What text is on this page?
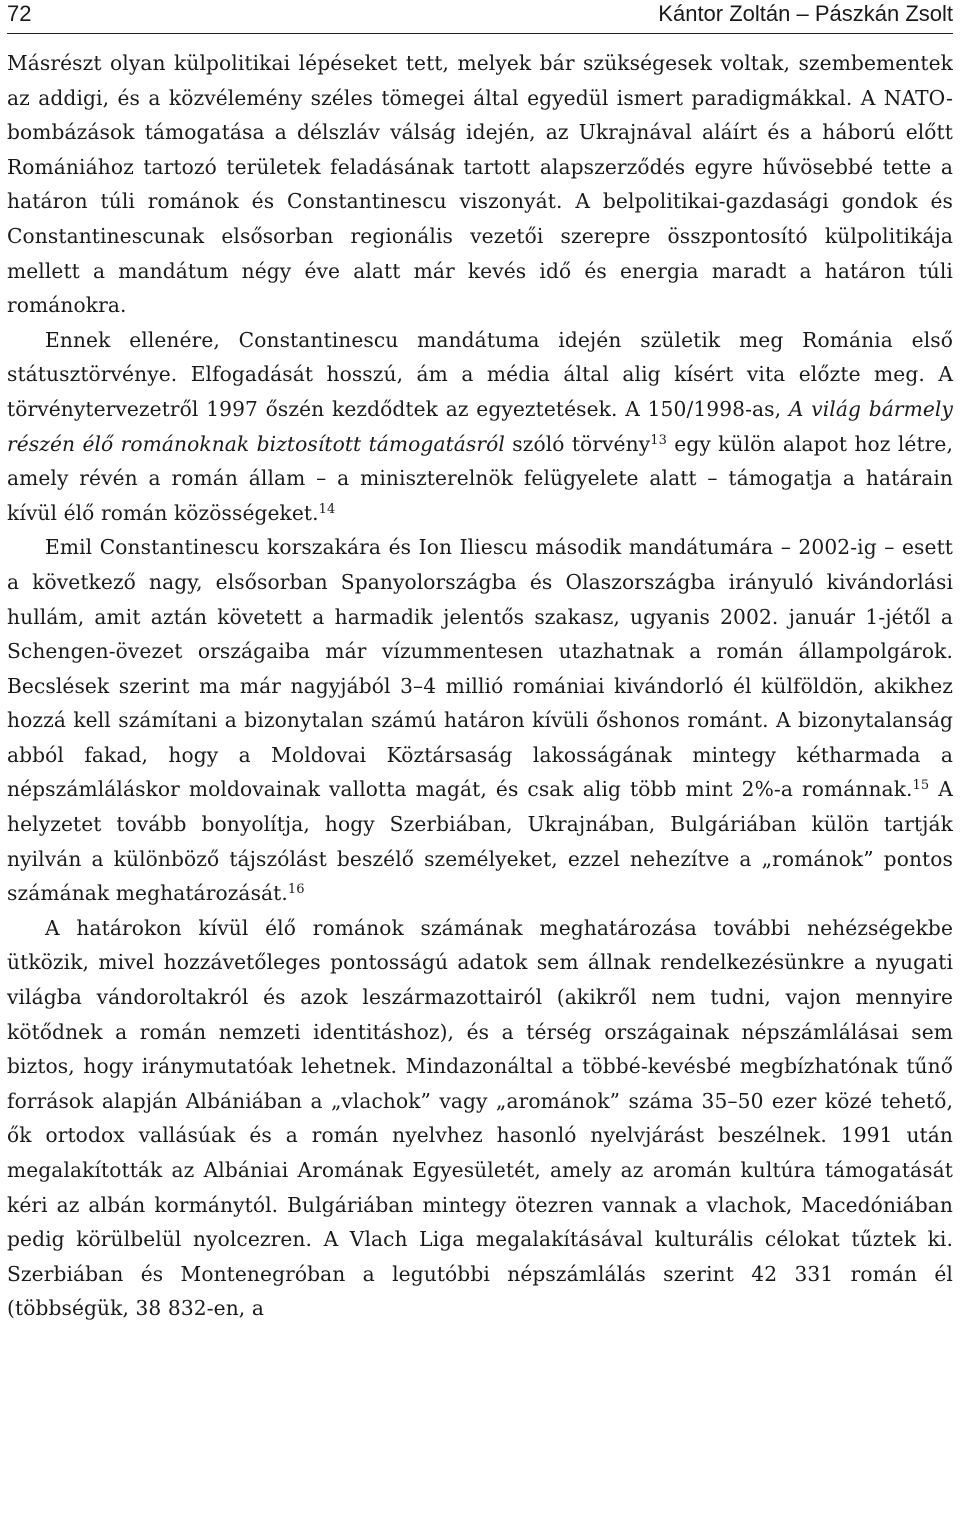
72	Kántor Zoltán – Pászkán Zsolt

Másrészt olyan külpolitikai lépéseket tett, melyek bár szükségesek voltak, szembementek az addigi, és a közvélemény széles tömegei által egyedül ismert paradigmákkal. A NATO-bombázások támogatása a délszláv válság idején, az Ukrajnával aláírt és a háború előtt Romániához tartozó területek feladásának tartott alapszerződés egyre hűvösebbé tette a határon túli románok és Constantinescu viszonyát. A belpolitikai-gazdasági gondok és Constantinescunak elsősorban regionális vezetői szerepre összpontosító külpolitikája mellett a mandátum négy éve alatt már kevés idő és energia maradt a határon túli románokra.

Ennek ellenére, Constantinescu mandátuma idején születik meg Románia első státusztörvénye. Elfogadását hosszú, ám a média által alig kísért vita előzte meg. A törvénytervezetről 1997 őszén kezdődtek az egyeztetések. A 150/1998-as, A világ bármely részén élő románoknak biztosított támogatásról szóló törvény$^{13}$ egy külön alapot hoz létre, amely révén a román állam – a miniszterelnök felügyelete alatt – támogatja a határain kívül élő román közösségeket.$^{14}$

Emil Constantinescu korszakára és Ion Iliescu második mandátumára – 2002-ig – esett a következő nagy, elsősorban Spanyolországba és Olaszországba irányuló kivándorlási hullám, amit aztán követett a harmadik jelentős szakasz, ugyanis 2002. január 1-jétől a Schengen-övezet országaiba már vízummentesen utazhatnak a román állampolgárok. Becslések szerint ma már nagyjából 3–4 millió romániai kivándorló él külföldön, akikhez hozzá kell számítani a bizonytalan számú határon kívüli őshonos románt. A bizonytalanság abból fakad, hogy a Moldovai Köztársaság lakosságának mintegy kétharmada a népszámláláskor moldovainak vallotta magát, és csak alig több mint 2%-a románnak.$^{15}$ A helyzetet tovább bonyolítja, hogy Szerbiában, Ukrajnában, Bulgáriában külön tartják nyilván a különböző tájszólást beszélő személyeket, ezzel nehezítve a „románok” pontos számának meghatározását.$^{16}$

A határokon kívül élő románok számának meghatározása további nehézségekbe ütközik, mivel hozzávetőleges pontosságú adatok sem állnak rendelkezésünkre a nyugati világba vándoroltakról és azok leszármazottairól (akikről nem tudni, vajon mennyire kötődnek a román nemzeti identitáshoz), és a térség országainak népszámlálásai sem biztos, hogy iránymutatóak lehetnek. Mindazonáltal a többé-kevésbé megbízhatónak tűnő források alapján Albániában a „vlachok” vagy „arománok” száma 35–50 ezer közé tehető, ők ortodox vallásúak és a román nyelvhez hasonló nyelvjárást beszélnek. 1991 után megalakították az Albániai Aromának Egyesületét, amely az aromán kultúra támogatását kéri az albán kormánytól. Bulgáriában mintegy ötezren vannak a vlachok, Macedóniában pedig körülbelül nyolcezren. A Vlach Liga megalakításával kulturális célokat tűztek ki. Szerbiában és Montenegróban a legutóbbi népszámlálás szerint 42 331 román él (többségük, 38 832-en, a
